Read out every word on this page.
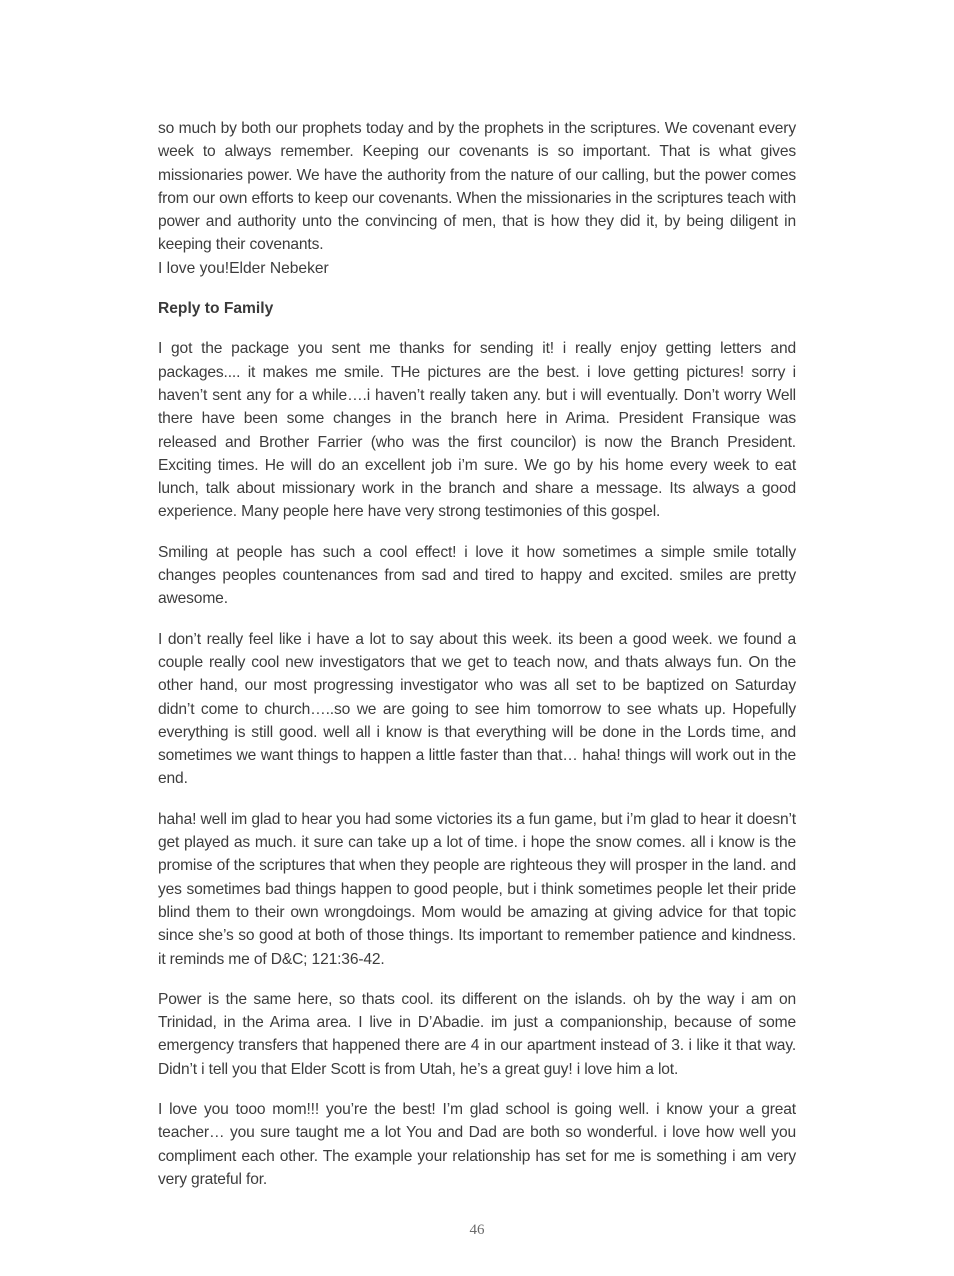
so much by both our prophets today and by the prophets in the scriptures. We covenant every week to always remember. Keeping our covenants is so important. That is what gives missionaries power. We have the authority from the nature of our calling, but the power comes from our own efforts to keep our covenants. When the missionaries in the scriptures teach with power and authority unto the convincing of men, that is how they did it, by being diligent in keeping their covenants.

I love you!Elder Nebeker

Reply to Family

I got the package you sent me thanks for sending it! i really enjoy getting letters and packages.... it makes me smile. THe pictures are the best. i love getting pictures! sorry i haven’t sent any for a while….i haven’t really taken any. but i will eventually. Don’t worry Well there have been some changes in the branch here in Arima. President Fransique was released and Brother Farrier (who was the first councilor) is now the Branch President. Exciting times. He will do an excellent job i’m sure. We go by his home every week to eat lunch, talk about missionary work in the branch and share a message. Its always a good experience. Many people here have very strong testimonies of this gospel.

Smiling at people has such a cool effect! i love it how sometimes a simple smile totally changes peoples countenances from sad and tired to happy and excited. smiles are pretty awesome.

I don’t really feel like i have a lot to say about this week. its been a good week. we found a couple really cool new investigators that we get to teach now, and thats always fun. On the other hand, our most progressing investigator who was all set to be baptized on Saturday didn’t come to church…..so we are going to see him tomorrow to see whats up. Hopefully everything is still good. well all i know is that everything will be done in the Lords time, and sometimes we want things to happen a little faster than that… haha! things will work out in the end.

haha! well im glad to hear you had some victories its a fun game, but i’m glad to hear it doesn’t get played as much. it sure can take up a lot of time. i hope the snow comes. all i know is the promise of the scriptures that when they people are righteous they will prosper in the land. and yes sometimes bad things happen to good people, but i think sometimes people let their pride blind them to their own wrongdoings. Mom would be amazing at giving advice for that topic since she’s so good at both of those things. Its important to remember patience and kindness. it reminds me of D&C; 121:36-42.

Power is the same here, so thats cool. its different on the islands. oh by the way i am on Trinidad, in the Arima area. I live in D’Abadie. im just a companionship, because of some emergency transfers that happened there are 4 in our apartment instead of 3. i like it that way. Didn’t i tell you that Elder Scott is from Utah, he’s a great guy! i love him a lot.

I love you tooo mom!!! you’re the best! I’m glad school is going well. i know your a great teacher… you sure taught me a lot You and Dad are both so wonderful. i love how well you compliment each other. The example your relationship has set for me is something i am very very grateful for.

46
